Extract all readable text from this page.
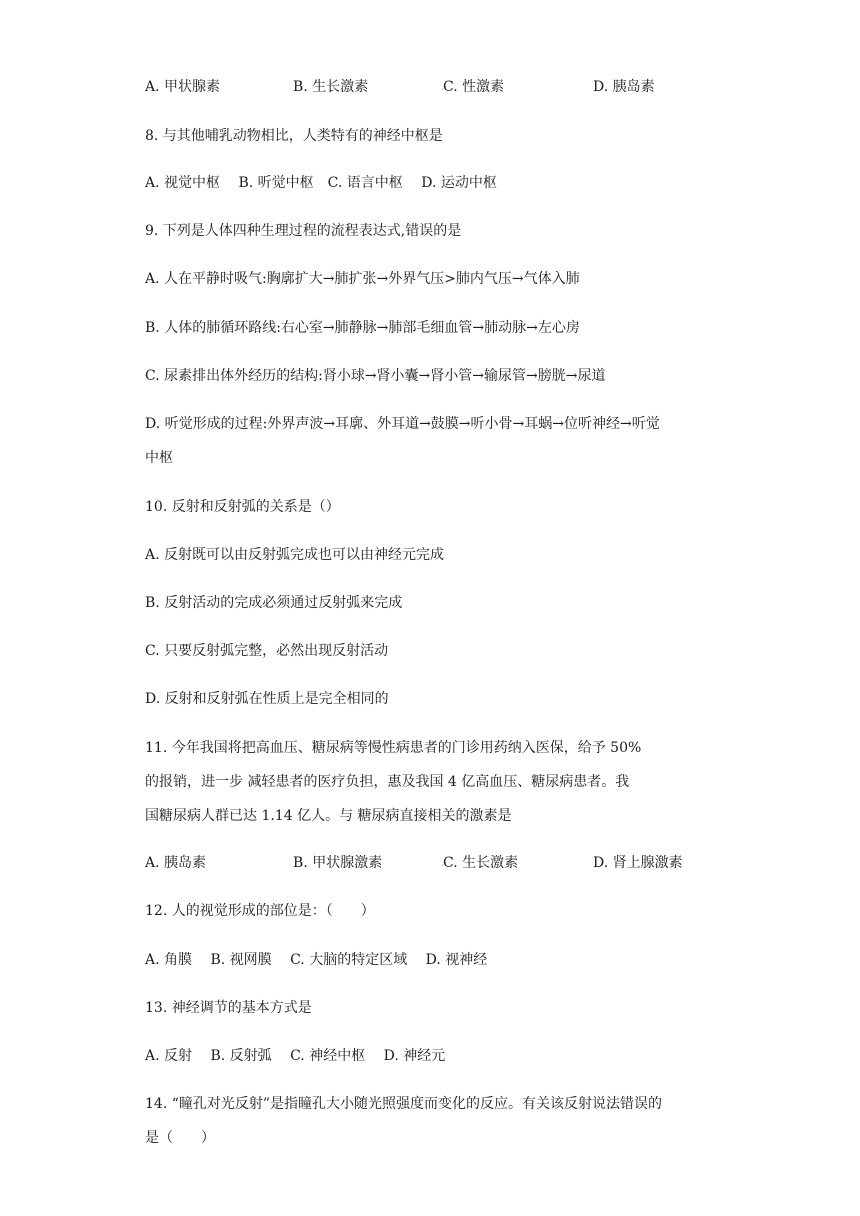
A. 甲状腺素	B. 生长激素	C. 性激素	D. 胰岛素
8. 与其他哺乳动物相比，人类特有的神经中枢是
A. 视觉中枢　 B. 听觉中枢　C. 语言中枢　 D. 运动中枢
9. 下列是人体四种生理过程的流程表达式,错误的是
A. 人在平静时吸气:胸廓扩大→肺扩张→外界气压>肺内气压→气体入肺
B. 人体的肺循环路线:右心室→肺静脉→肺部毛细血管→肺动脉→左心房
C. 尿素排出体外经历的结构:肾小球→肾小囊→肾小管→输尿管→膀胱→尿道
D. 听觉形成的过程:外界声波→耳廓、外耳道→鼓膜→听小骨→耳蜗→位听神经→听觉
中枢
10. 反射和反射弧的关系是（）
A. 反射既可以由反射弧完成也可以由神经元完成
B. 反射活动的完成必须通过反射弧来完成
C. 只要反射弧完整，必然出现反射活动
D. 反射和反射弧在性质上是完全相同的
11. 今年我国将把高血压、糖尿病等慢性病患者的门诊用药纳入医保，给予 50%
的报销，进一步 减轻患者的医疗负担，惠及我国 4 亿高血压、糖尿病患者。我
国糖尿病人群已达 1.14 亿人。与 糖尿病直接相关的激素是
A. 胰岛素	B. 甲状腺激素	C. 生长激素	D. 肾上腺激素
12. 人的视觉形成的部位是：（　　）
A. 角膜　 B. 视网膜　 C. 大脑的特定区域　 D. 视神经
13. 神经调节的基本方式是
A. 反射　 B. 反射弧　 C. 神经中枢　 D. 神经元
14. “瞳孔对光反射”是指瞳孔大小随光照强度而变化的反应。有关该反射说法错误的
是（　　）
